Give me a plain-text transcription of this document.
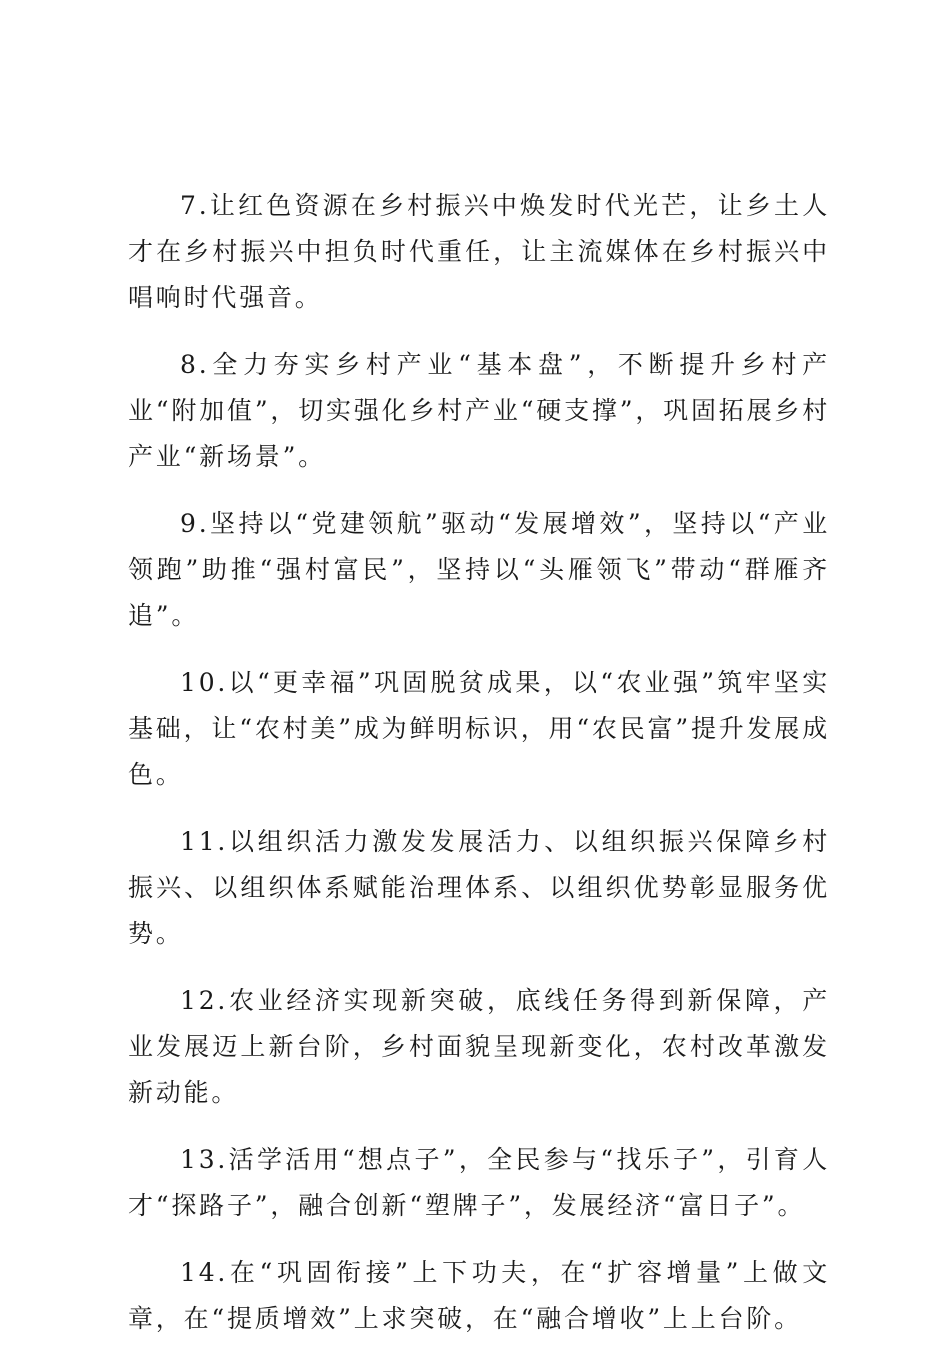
7.让红色资源在乡村振兴中焕发时代光芒，让乡土人才在乡村振兴中担负时代重任，让主流媒体在乡村振兴中唱响时代强音。

8.全力夯实乡村产业“基本盘”，不断提升乡村产业“附加值”，切实强化乡村产业“硬支撑”，巩固拓展乡村产业“新场景”。

9.坚持以“党建领航”驱动“发展增效”，坚持以“产业领跑”助推“强村富民”，坚持以“头雁领飞”带动“群雁齐追”。

10.以“更幸福”巩固脱贫成果，以“农业强”筑牢坚实基础，让“农村美”成为鲜明标识，用“农民富”提升发展成色。

11.以组织活力激发发展活力、以组织振兴保障乡村振兴、以组织体系赋能治理体系、以组织优势彰显服务优势。

12.农业经济实现新突破，底线任务得到新保障，产业发展迈上新台阶，乡村面貌呈现新变化，农村改革激发新动能。

13.活学活用“想点子”，全民参与“找乐子”，引育人才“探路子”，融合创新“塑牌子”，发展经济“富日子”。

14.在“巩固衔接”上下功夫，在“扩容增量”上做文章，在“提质增效”上求突破，在“融合增收”上上台阶。
